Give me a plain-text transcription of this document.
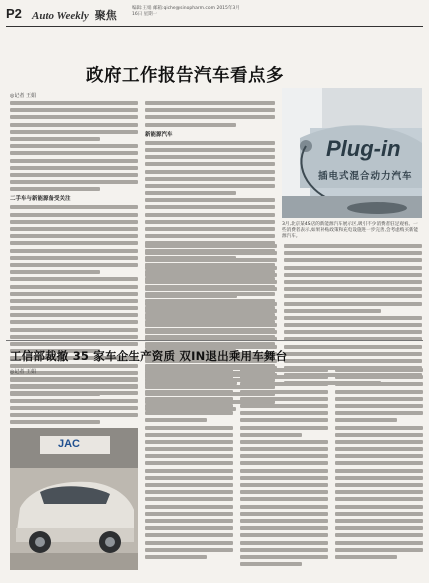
P2 Auto Weekly 聚焦
编辑:王娟 邮箱:qiche@sinopharm.com 2015年3月16日 星期一
政府工作报告汽车看点多
◎记者 王娟
二手车与新能源备受关注
新能源汽车
Plug-in
插电式混合动力汽车
3月,北京某4S店的新能源汽车展示区,吸引不少消费者驻足观看。一些消费者表示,如果补贴政策和充电设施进一步完善,会考虑购买新能源汽车。
工信部裁撤 35 家车企生产资质 双IN退出乘用车舞台
◎记者 王娟
JAC
